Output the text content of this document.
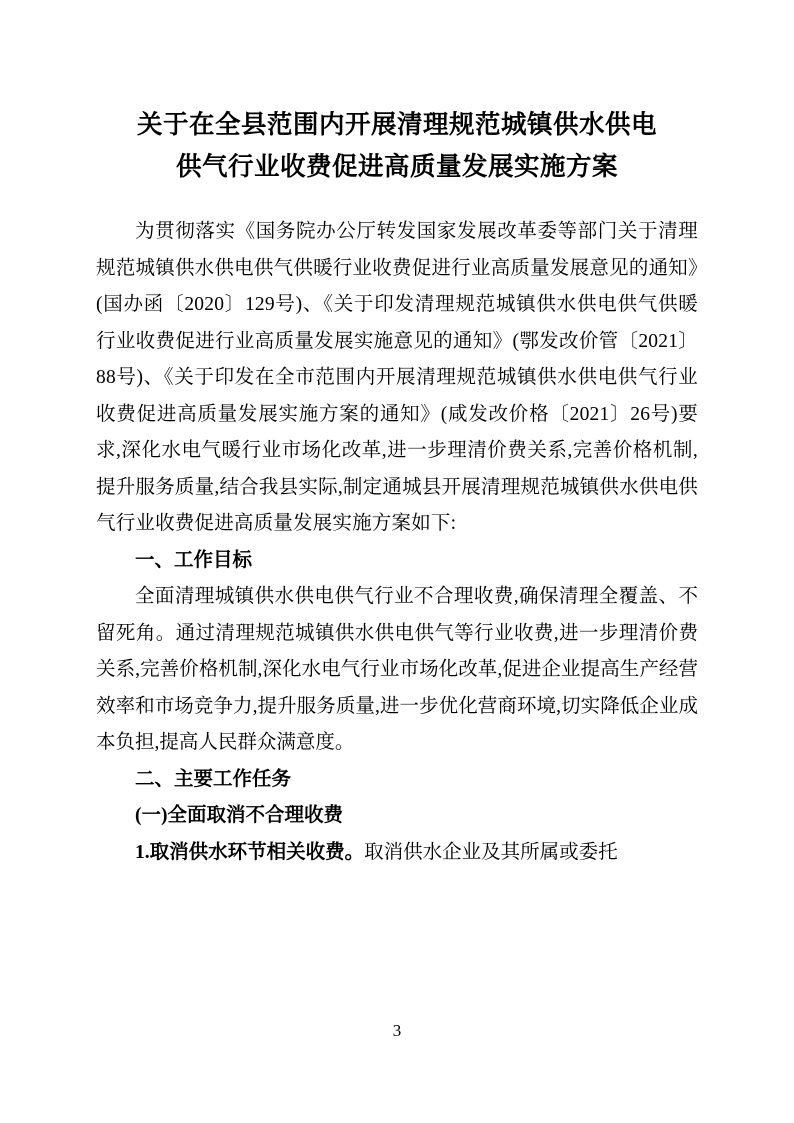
关于在全县范围内开展清理规范城镇供水供电
供气行业收费促进高质量发展实施方案

为贯彻落实《国务院办公厅转发国家发展改革委等部门关于清理规范城镇供水供电供气供暖行业收费促进行业高质量发展意见的通知》(国办函〔2020〕129号)、《关于印发清理规范城镇供水供电供气供暖行业收费促进行业高质量发展实施意见的通知》(鄂发改价管〔2021〕88号)、《关于印发在全市范围内开展清理规范城镇供水供电供气行业收费促进高质量发展实施方案的通知》(咸发改价格〔2021〕26号)要求,深化水电气暖行业市场化改革,进一步理清价费关系,完善价格机制,提升服务质量,结合我县实际,制定通城县开展清理规范城镇供水供电供气行业收费促进高质量发展实施方案如下:

一、工作目标

全面清理城镇供水供电供气行业不合理收费,确保清理全覆盖、不留死角。通过清理规范城镇供水供电供气等行业收费,进一步理清价费关系,完善价格机制,深化水电气行业市场化改革,促进企业提高生产经营效率和市场竞争力,提升服务质量,进一步优化营商环境,切实降低企业成本负担,提高人民群众满意度。

二、主要工作任务

(一)全面取消不合理收费

1.取消供水环节相关收费。取消供水企业及其所属或委托

3
